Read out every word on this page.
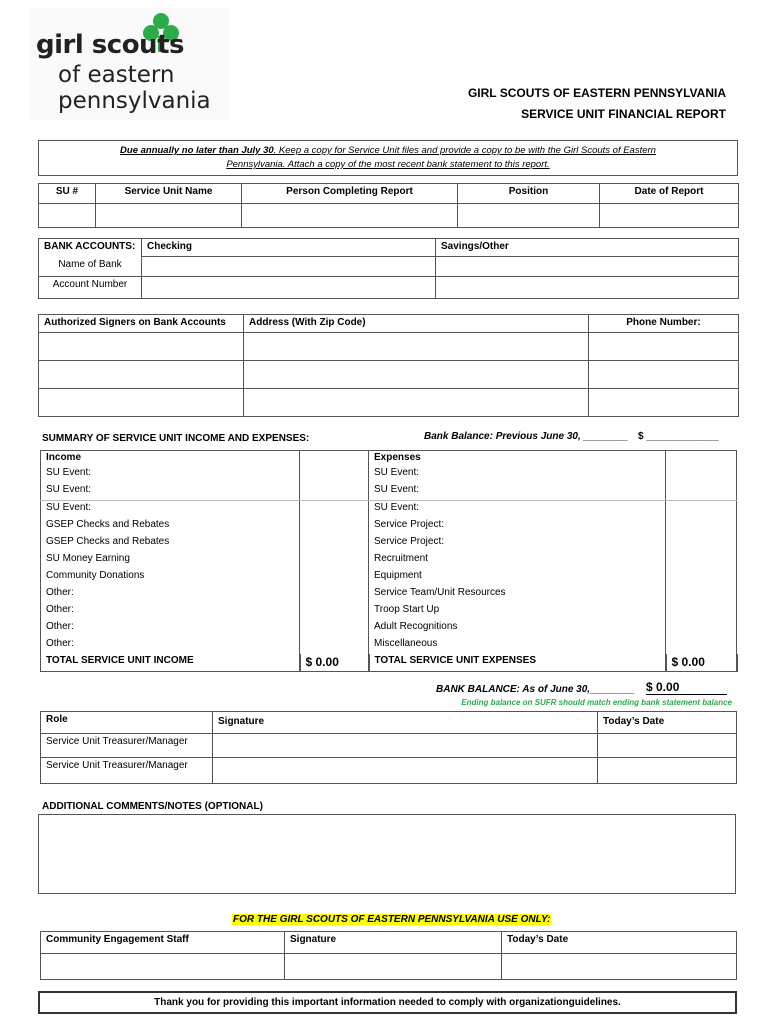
girl scouts
of eastern
pennsylvania	GIRL SCOUTS OF EASTERN PENNSYLVANIA
SERVICE UNIT FINANCIAL REPORT
Due annually no later than July 30. Keep a copy for Service Unit files and provide a copy to be with the Girl Scouts of Eastern
Pennsylvania. Attach a copy of the most recent bank statement to this report.
SU #	Service Unit Name	Person Completing Report	Position	Date of Report

BANK ACCOUNTS:	Checking	Savings/Other
Name of Bank		
Account Number		
Authorized Signers on Bank Accounts	Address (With Zip Code)	Phone Number:

SUMMARY OF SERVICE UNIT INCOME AND EXPENSES:	Bank Balance: Previous June 30, ________ $ _____________
Income		Expenses	
SU Event:		SU Event:	
SU Event:		SU Event:	
SU Event:		SU Event:	
GSEP Checks and Rebates		Service Project:	
GSEP Checks and Rebates		Service Project:	
SU Money Earning		Recruitment	
Community Donations		Equipment	
Other:		Service Team/Unit Resources	
Other:		Troop Start Up	
Other:		Adult Recognitions	
Other:		Miscellaneous	
TOTAL SERVICE UNIT INCOME	$ 0.00	TOTAL SERVICE UNIT EXPENSES	$ 0.00
BANK BALANCE: As of June 30,________ $ 0.00
Ending balance on SUFR should match ending bank statement balance
Role	Signature	Today’s Date
Service Unit Treasurer/Manager		
Service Unit Treasurer/Manager		
ADDITIONAL COMMENTS/NOTES (OPTIONAL)
FOR THE GIRL SCOUTS OF EASTERN PENNSYLVANIA USE ONLY:
Community Engagement Staff	Signature	Today’s Date

Thank you for providing this important information needed to comply with organizationguidelines.
